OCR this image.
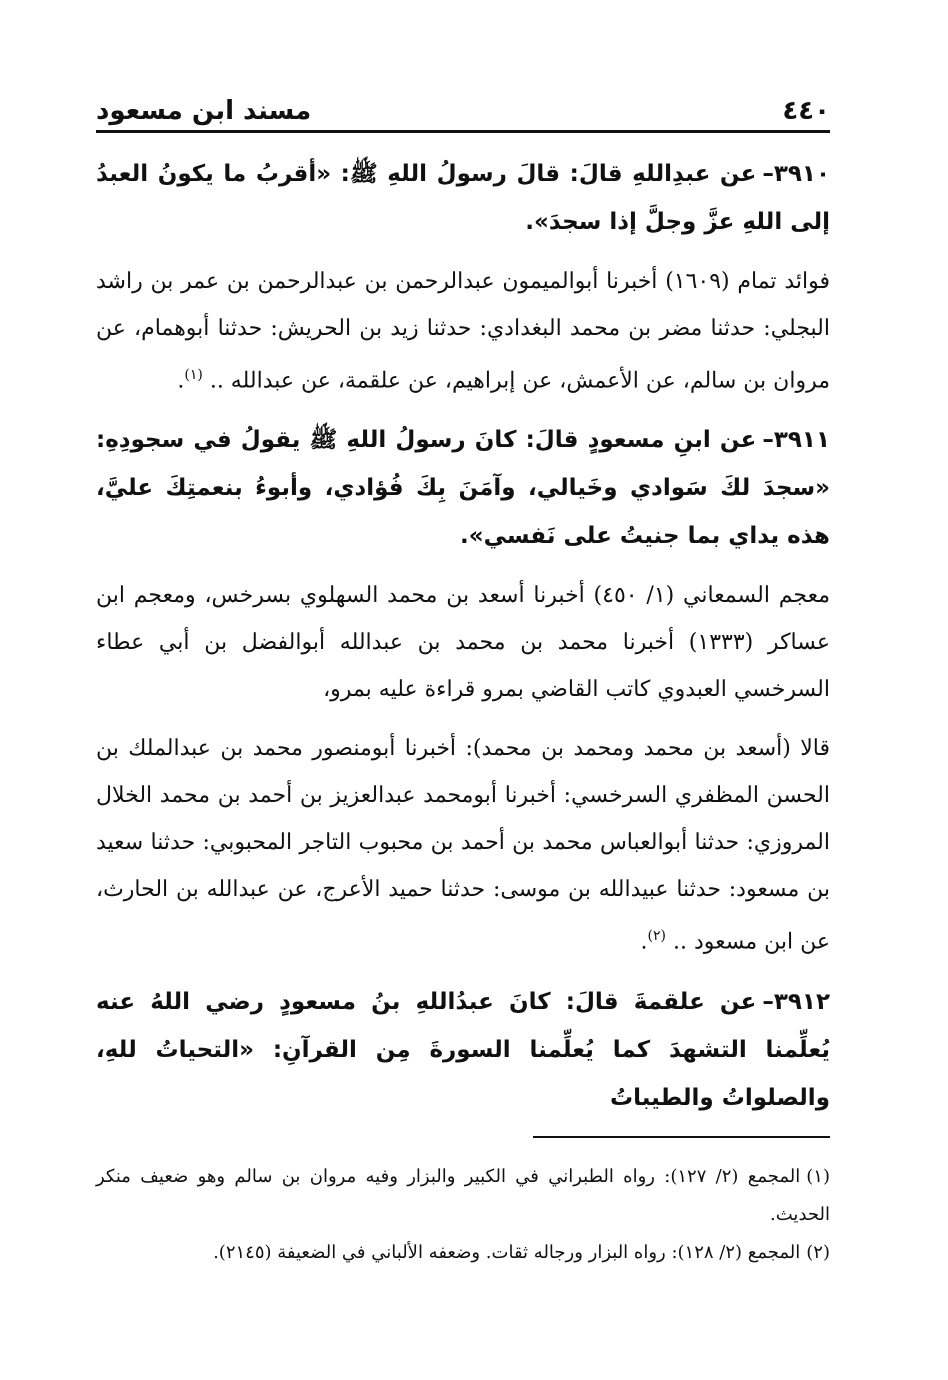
٤٤٠
مسند ابن مسعود

٣٩١٠–عن عبدِاللهِ قالَ: قالَ رسولُ اللهِ ﷺ: «أقربُ ما يكونُ العبدُ إلى اللهِ عزَّ وجلَّ إذا سجدَ».

فوائد تمام (١٦٠٩) أخبرنا أبوالميمون عبدالرحمن بن عبدالرحمن بن عمر بن راشد البجلي: حدثنا مضر بن محمد البغدادي: حدثنا زيد بن الحريش: حدثنا أبوهمام، عن مروان بن سالم، عن الأعمش، عن إبراهيم، عن علقمة، عن عبدالله .. $^{(١)}$.

٣٩١١–عن ابنِ مسعودٍ قالَ: كانَ رسولُ اللهِ ﷺ يقولُ في سجودِهِ: «سجدَ لكَ سَوادي وخَيالي، وآمَنَ بِكَ فُؤادي، وأبوءُ بنعمتِكَ عليَّ، هذه يداي بما جنيتُ على نَفسي».

معجم السمعاني (١/ ٤٥٠) أخبرنا أسعد بن محمد السهلوي بسرخس، ومعجم ابن عساكر (١٣٣٣) أخبرنا محمد بن محمد بن عبدالله أبوالفضل بن أبي عطاء السرخسي العبدوي كاتب القاضي بمرو قراءة عليه بمرو،

قالا (أسعد بن محمد ومحمد بن محمد): أخبرنا أبومنصور محمد بن عبدالملك بن الحسن المظفري السرخسي: أخبرنا أبومحمد عبدالعزيز بن أحمد بن محمد الخلال المروزي: حدثنا أبوالعباس محمد بن أحمد بن محبوب التاجر المحبوبي: حدثنا سعيد بن مسعود: حدثنا عبيدالله بن موسى: حدثنا حميد الأعرج، عن عبدالله بن الحارث، عن ابن مسعود .. $^{(٢)}$.

٣٩١٢–عن علقمةَ قالَ: كانَ عبدُاللهِ بنُ مسعودٍ رضي اللهُ عنه يُعلِّمنا التشهدَ كما يُعلِّمنا السورةَ مِن القرآنِ: «التحياتُ للهِ، والصلواتُ والطيباتُ

(١)المجمع (٢/ ١٢٧): رواه الطبراني في الكبير والبزار وفيه مروان بن سالم وهو ضعيف منكر الحديث.

(٢)المجمع (٢/ ١٢٨): رواه البزار ورجاله ثقات. وضعفه الألباني في الضعيفة (٢١٤٥).
